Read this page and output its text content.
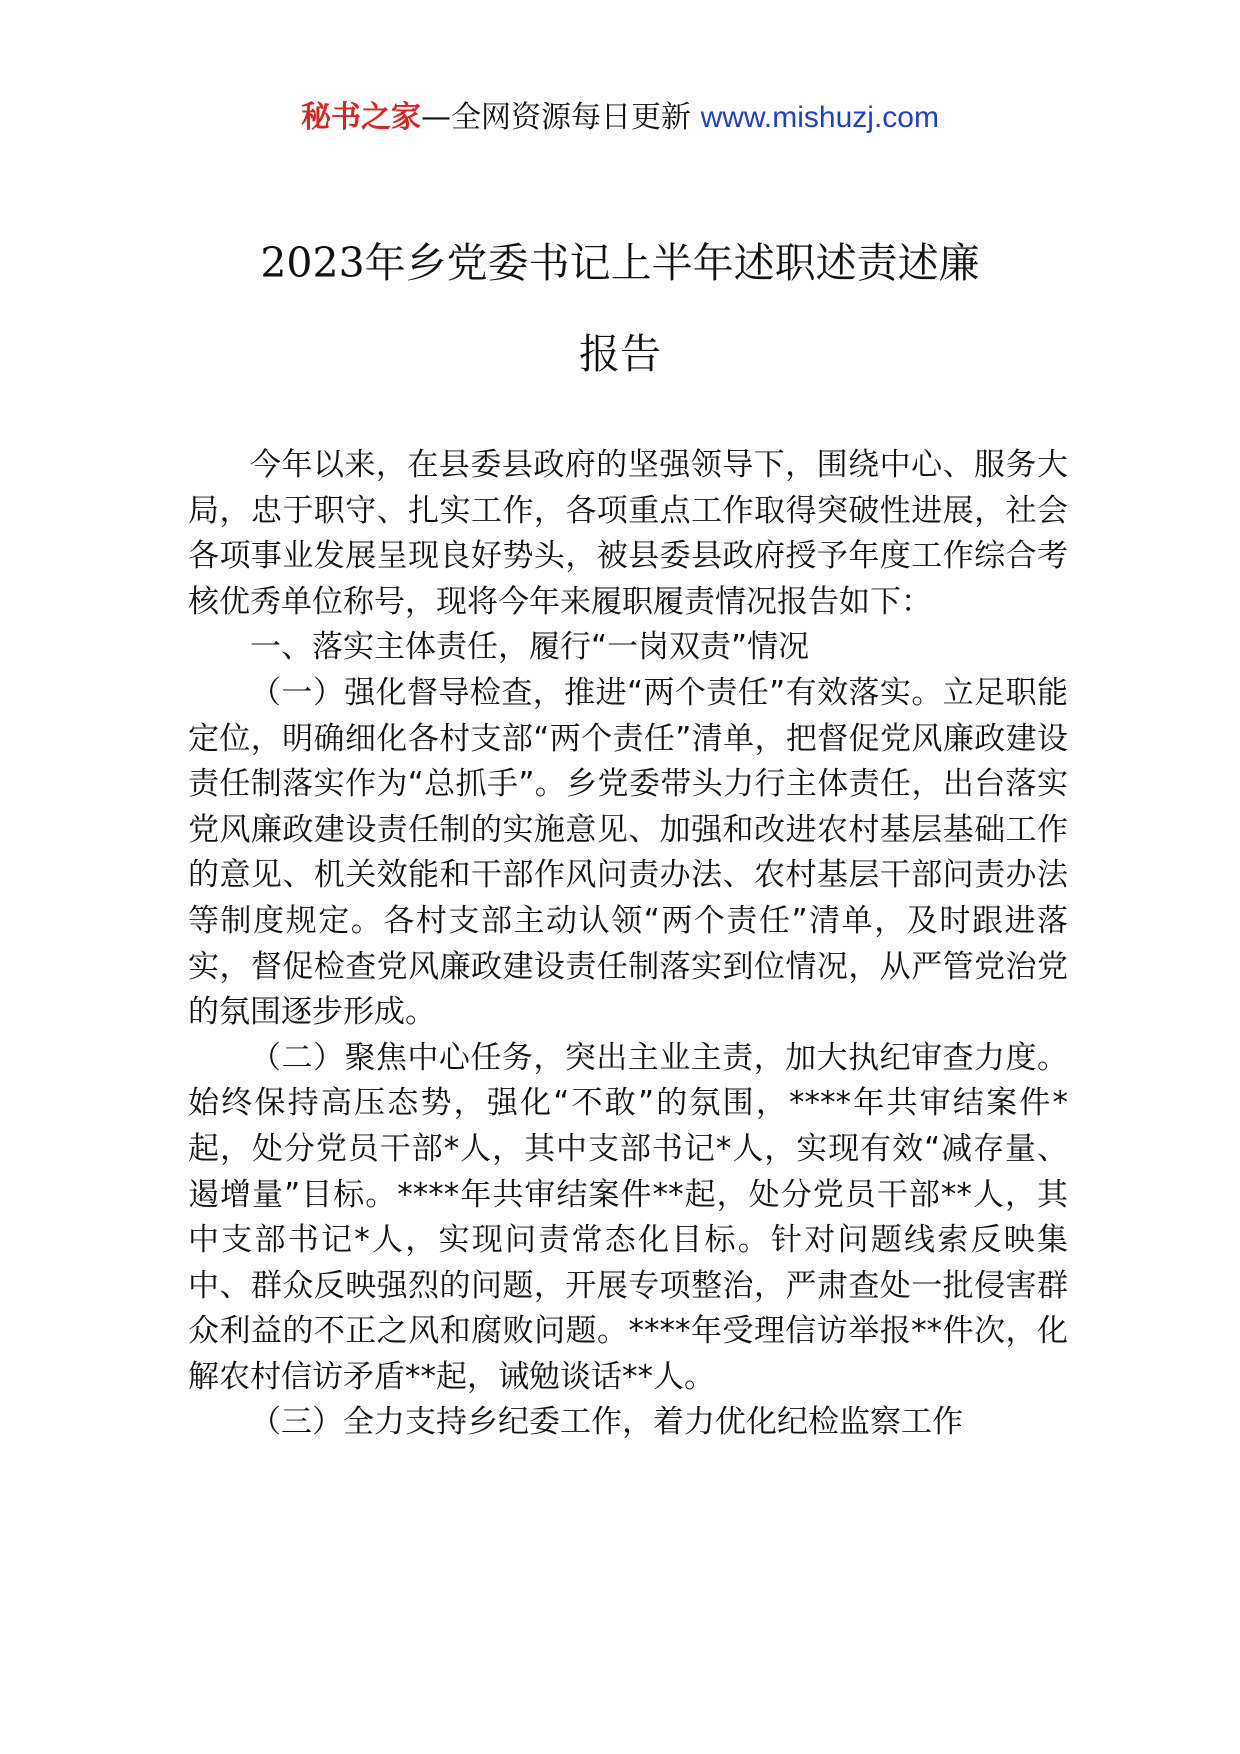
秘书之家—全网资源每日更新 www.mishuzj.com
2023年乡党委书记上半年述职述责述廉
报告

今年以来，在县委县政府的坚强领导下，围绕中心、服务大局，忠于职守、扎实工作，各项重点工作取得突破性进展，社会各项事业发展呈现良好势头，被县委县政府授予年度工作综合考核优秀单位称号，现将今年来履职履责情况报告如下：

一、落实主体责任，履行“一岗双责”情况

（一）强化督导检查，推进“两个责任”有效落实。立足职能定位，明确细化各村支部“两个责任”清单，把督促党风廉政建设责任制落实作为“总抓手”。乡党委带头力行主体责任，出台落实党风廉政建设责任制的实施意见、加强和改进农村基层基础工作的意见、机关效能和干部作风问责办法、农村基层干部问责办法等制度规定。各村支部主动认领“两个责任”清单，及时跟进落实，督促检查党风廉政建设责任制落实到位情况，从严管党治党的氛围逐步形成。

（二）聚焦中心任务，突出主业主责，加大执纪审查力度。始终保持高压态势，强化“不敢”的氛围，****年共审结案件*起，处分党员干部*人，其中支部书记*人，实现有效“减存量、遏增量”目标。****年共审结案件**起，处分党员干部**人，其中支部书记*人，实现问责常态化目标。针对问题线索反映集中、群众反映强烈的问题，开展专项整治，严肃查处一批侵害群众利益的不正之风和腐败问题。****年受理信访举报**件次，化解农村信访矛盾**起，诫勉谈话**人。

（三）全力支持乡纪委工作，着力优化纪检监察工作
